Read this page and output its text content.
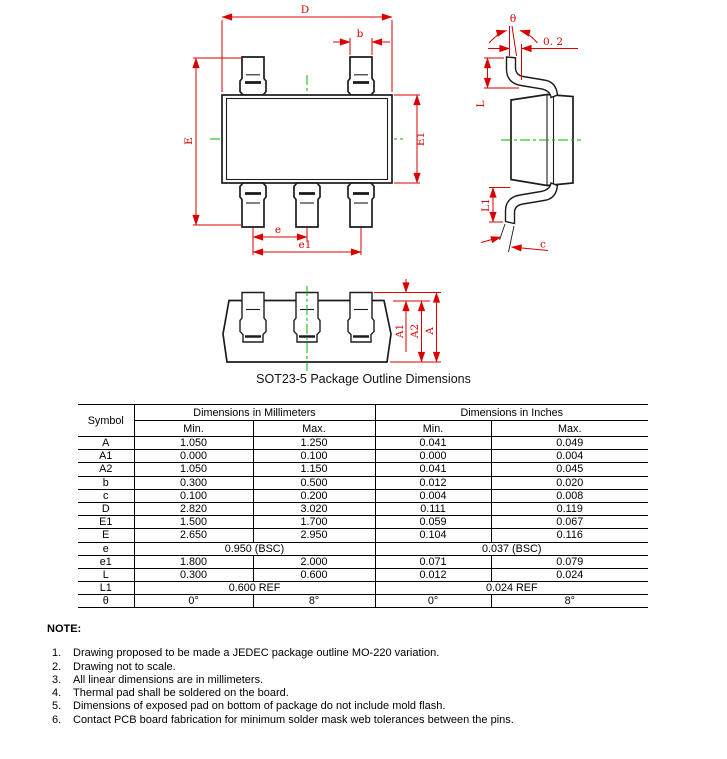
D
b
E	E1
e
e1
θ
0. 2
L
L1
c
A1 A2 A
SOT23-5 Package Outline Dimensions
Symbol	Dimensions in Millimeters		Dimensions in Inches	
	Min.	Max.	Min.	Max.
A	1.050	1.250	0.041	0.049
A1	0.000	0.100	0.000	0.004
A2	1.050	1.150	0.041	0.045
b	0.300	0.500	0.012	0.020
c	0.100	0.200	0.004	0.008
D	2.820	3.020	0.111	0.119
E1	1.500	1.700	0.059	0.067
E	2.650	2.950	0.104	0.116
e	0.950 (BSC)		0.037 (BSC)	
e1	1.800	2.000	0.071	0.079
L	0.300	0.600	0.012	0.024
L1	0.600 REF		0.024 REF	
θ	0°	8°	0°	8°
NOTE:
1.	Drawing proposed to be made a JEDEC package outline MO-220 variation.
2.	Drawing not to scale.
3.	All linear dimensions are in millimeters.
4.	Thermal pad shall be soldered on the board.
5.	Dimensions of exposed pad on bottom of package do not include mold flash.
6.	Contact PCB board fabrication for minimum solder mask web tolerances between the pins.
